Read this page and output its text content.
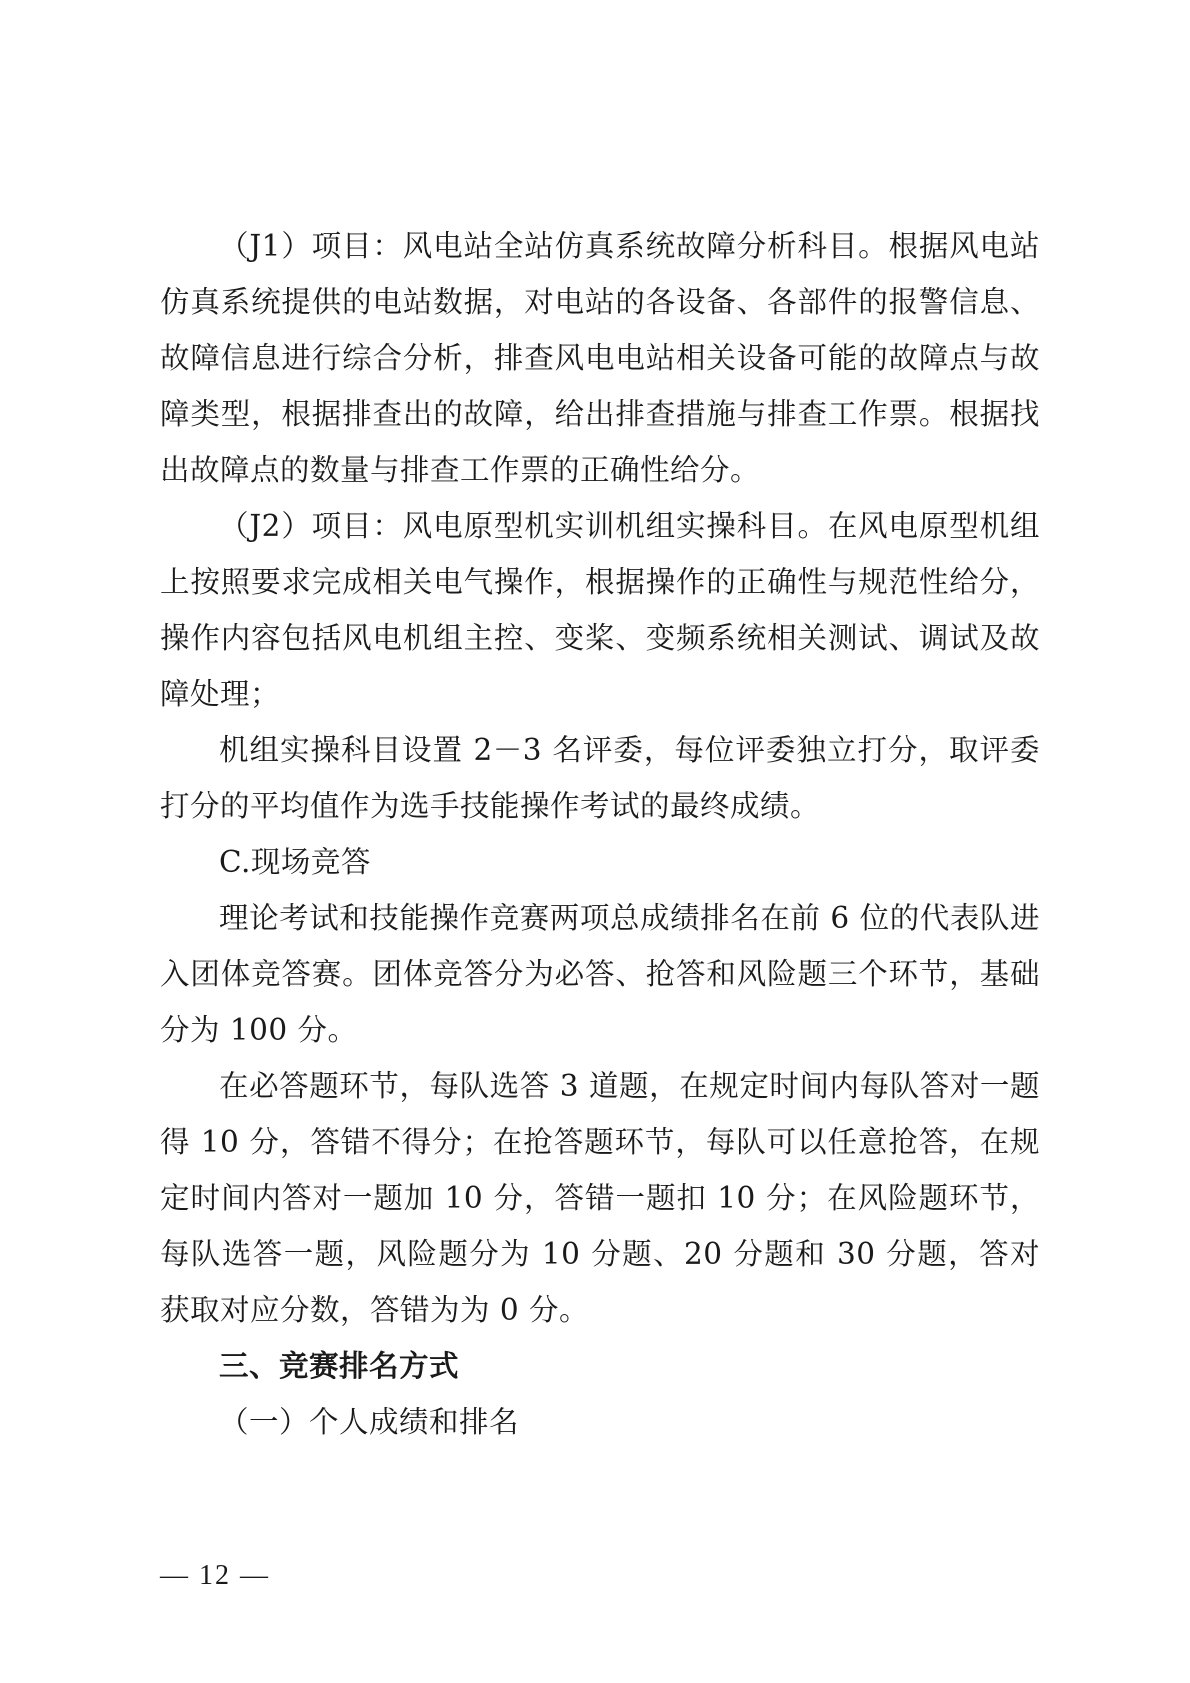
（J1）项目：风电站全站仿真系统故障分析科目。根据风电站仿真系统提供的电站数据，对电站的各设备、各部件的报警信息、故障信息进行综合分析，排查风电电站相关设备可能的故障点与故障类型，根据排查出的故障，给出排查措施与排查工作票。根据找出故障点的数量与排查工作票的正确性给分。

（J2）项目：风电原型机实训机组实操科目。在风电原型机组上按照要求完成相关电气操作，根据操作的正确性与规范性给分，操作内容包括风电机组主控、变桨、变频系统相关测试、调试及故障处理；

机组实操科目设置 2－3 名评委，每位评委独立打分，取评委打分的平均值作为选手技能操作考试的最终成绩。

C.现场竞答

理论考试和技能操作竞赛两项总成绩排名在前 6 位的代表队进入团体竞答赛。团体竞答分为必答、抢答和风险题三个环节，基础分为 100 分。

在必答题环节，每队选答 3 道题，在规定时间内每队答对一题得 10 分，答错不得分；在抢答题环节，每队可以任意抢答，在规定时间内答对一题加 10 分，答错一题扣 10 分；在风险题环节，每队选答一题，风险题分为 10 分题、20 分题和 30 分题，答对获取对应分数，答错为为 0 分。

三、竞赛排名方式

（一）个人成绩和排名

— 12 —
